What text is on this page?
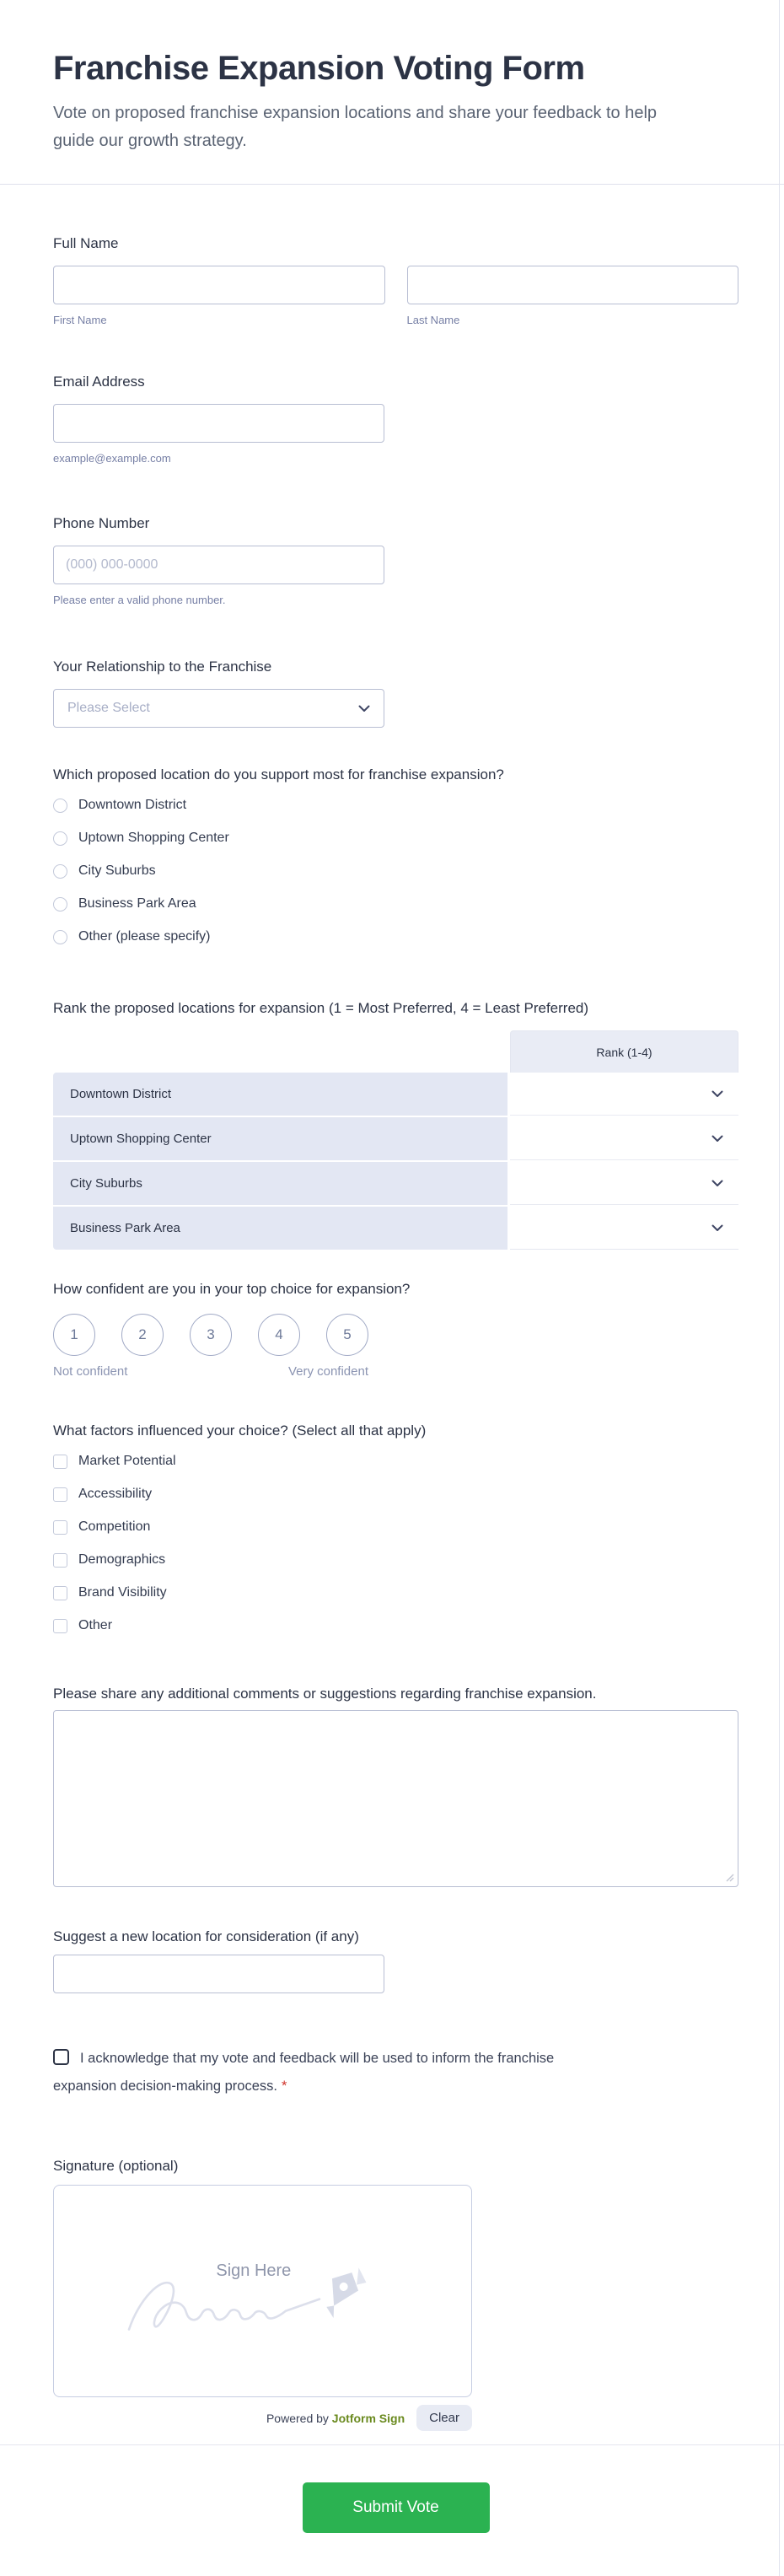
Franchise Expansion Voting Form
Vote on proposed franchise expansion locations and share your feedback to help guide our growth strategy.
Full Name
First Name	Last Name
Email Address
example@example.com
Phone Number
(000) 000-0000
Please enter a valid phone number.
Your Relationship to the Franchise
Please Select
Which proposed location do you support most for franchise expansion?
Downtown District
Uptown Shopping Center
City Suburbs
Business Park Area
Other (please specify)
Rank the proposed locations for expansion (1 = Most Preferred, 4 = Least Preferred)
Rank (1-4)
Downtown District
Uptown Shopping Center
City Suburbs
Business Park Area
How confident are you in your top choice for expansion?
1	2	3	4	5
Not confident	Very confident
What factors influenced your choice? (Select all that apply)
Market Potential
Accessibility
Competition
Demographics
Brand Visibility
Other
Please share any additional comments or suggestions regarding franchise expansion.
Suggest a new location for consideration (if any)
I acknowledge that my vote and feedback will be used to inform the franchise expansion decision-making process. *
Signature (optional)
Sign Here
Powered by Jotform Sign	Clear
Submit Vote
